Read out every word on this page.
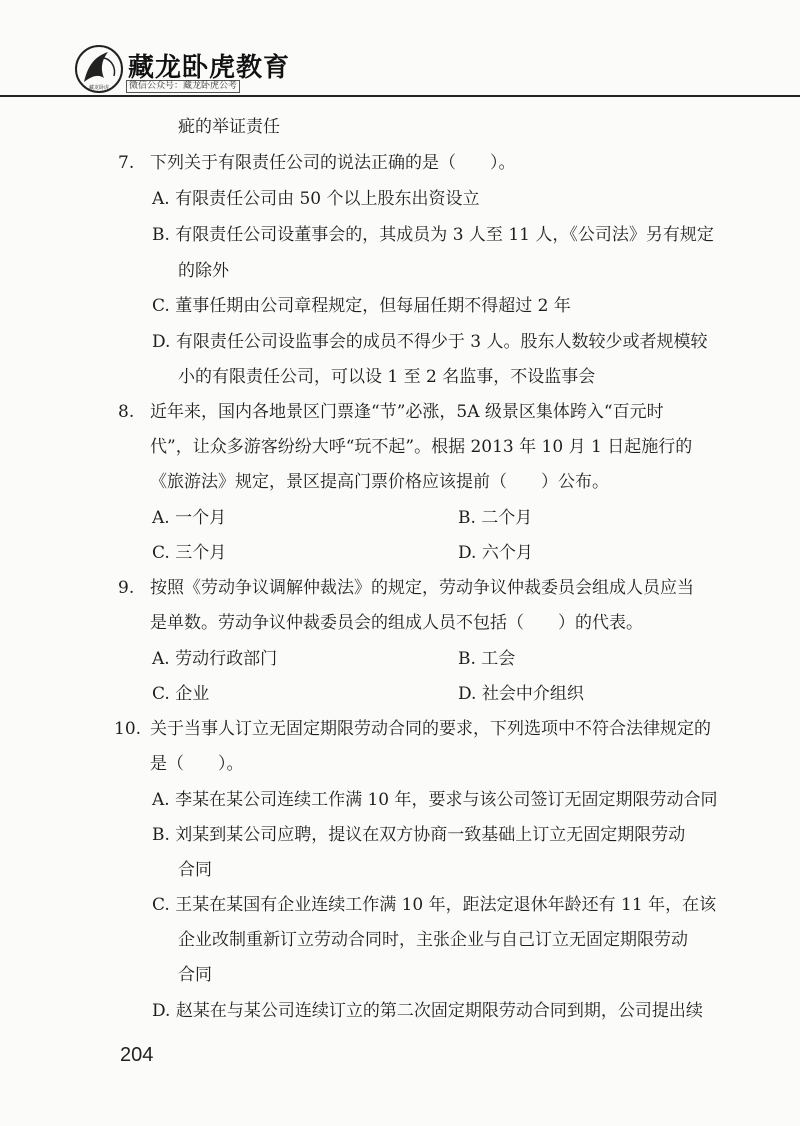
藏龙卧虎
藏龙卧虎教育
微信公众号：藏龙卧虎公考
疵的举证责任
7. 下列关于有限责任公司的说法正确的是（　　）。
A. 有限责任公司由 50 个以上股东出资设立
B. 有限责任公司设董事会的，其成员为 3 人至 11 人，《公司法》另有规定
的除外
C. 董事任期由公司章程规定，但每届任期不得超过 2 年
D. 有限责任公司设监事会的成员不得少于 3 人。股东人数较少或者规模较
小的有限责任公司，可以设 1 至 2 名监事，不设监事会
8. 近年来，国内各地景区门票逢“节”必涨，5A 级景区集体跨入“百元时
代”，让众多游客纷纷大呼“玩不起”。根据 2013 年 10 月 1 日起施行的
《旅游法》规定，景区提高门票价格应该提前（　　）公布。
A. 一个月	B. 二个月
C. 三个月	D. 六个月
9. 按照《劳动争议调解仲裁法》的规定，劳动争议仲裁委员会组成人员应当
是单数。劳动争议仲裁委员会的组成人员不包括（　　）的代表。
A. 劳动行政部门	B. 工会
C. 企业	D. 社会中介组织
10. 关于当事人订立无固定期限劳动合同的要求，下列选项中不符合法律规定的
是（　　）。
A. 李某在某公司连续工作满 10 年，要求与该公司签订无固定期限劳动合同
B. 刘某到某公司应聘，提议在双方协商一致基础上订立无固定期限劳动
合同
C. 王某在某国有企业连续工作满 10 年，距法定退休年龄还有 11 年，在该
企业改制重新订立劳动合同时，主张企业与自己订立无固定期限劳动
合同
D. 赵某在与某公司连续订立的第二次固定期限劳动合同到期，公司提出续
204
